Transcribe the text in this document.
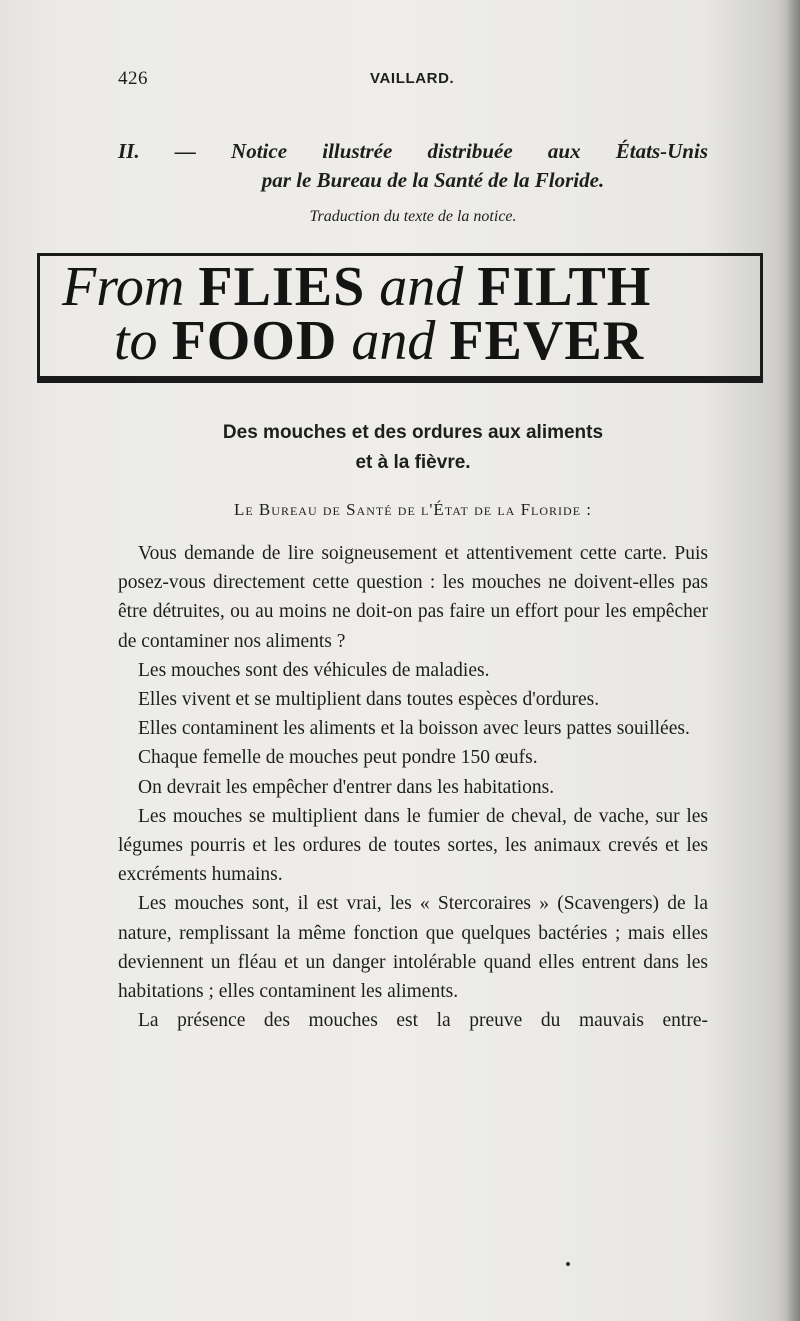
426	VAILLARD.
II. — Notice illustrée distribuée aux États-Unis
par le Bureau de la Santé de la Floride.
Traduction du texte de la notice.
From FLIES and FILTH
to FOOD and FEVER
Des mouches et des ordures aux aliments
et à la fièvre.
Le Bureau de Santé de l'État de la Floride :

Vous demande de lire soigneusement et attentivement cette carte. Puis posez-vous directement cette question : les mouches ne doivent-elles pas être détruites, ou au moins ne doit-on pas faire un effort pour les empêcher de contaminer nos aliments ?

Les mouches sont des véhicules de maladies.

Elles vivent et se multiplient dans toutes espèces d'ordures.

Elles contaminent les aliments et la boisson avec leurs pattes souillées.

Chaque femelle de mouches peut pondre 150 œufs.

On devrait les empêcher d'entrer dans les habitations.

Les mouches se multiplient dans le fumier de cheval, de vache, sur les légumes pourris et les ordures de toutes sortes, les animaux crevés et les excréments humains.

Les mouches sont, il est vrai, les « Stercoraires » (Scavengers) de la nature, remplissant la même fonction que quelques bactéries ; mais elles deviennent un fléau et un danger intolérable quand elles entrent dans les habitations ; elles contaminent les aliments.

La présence des mouches est la preuve du mauvais entre-
